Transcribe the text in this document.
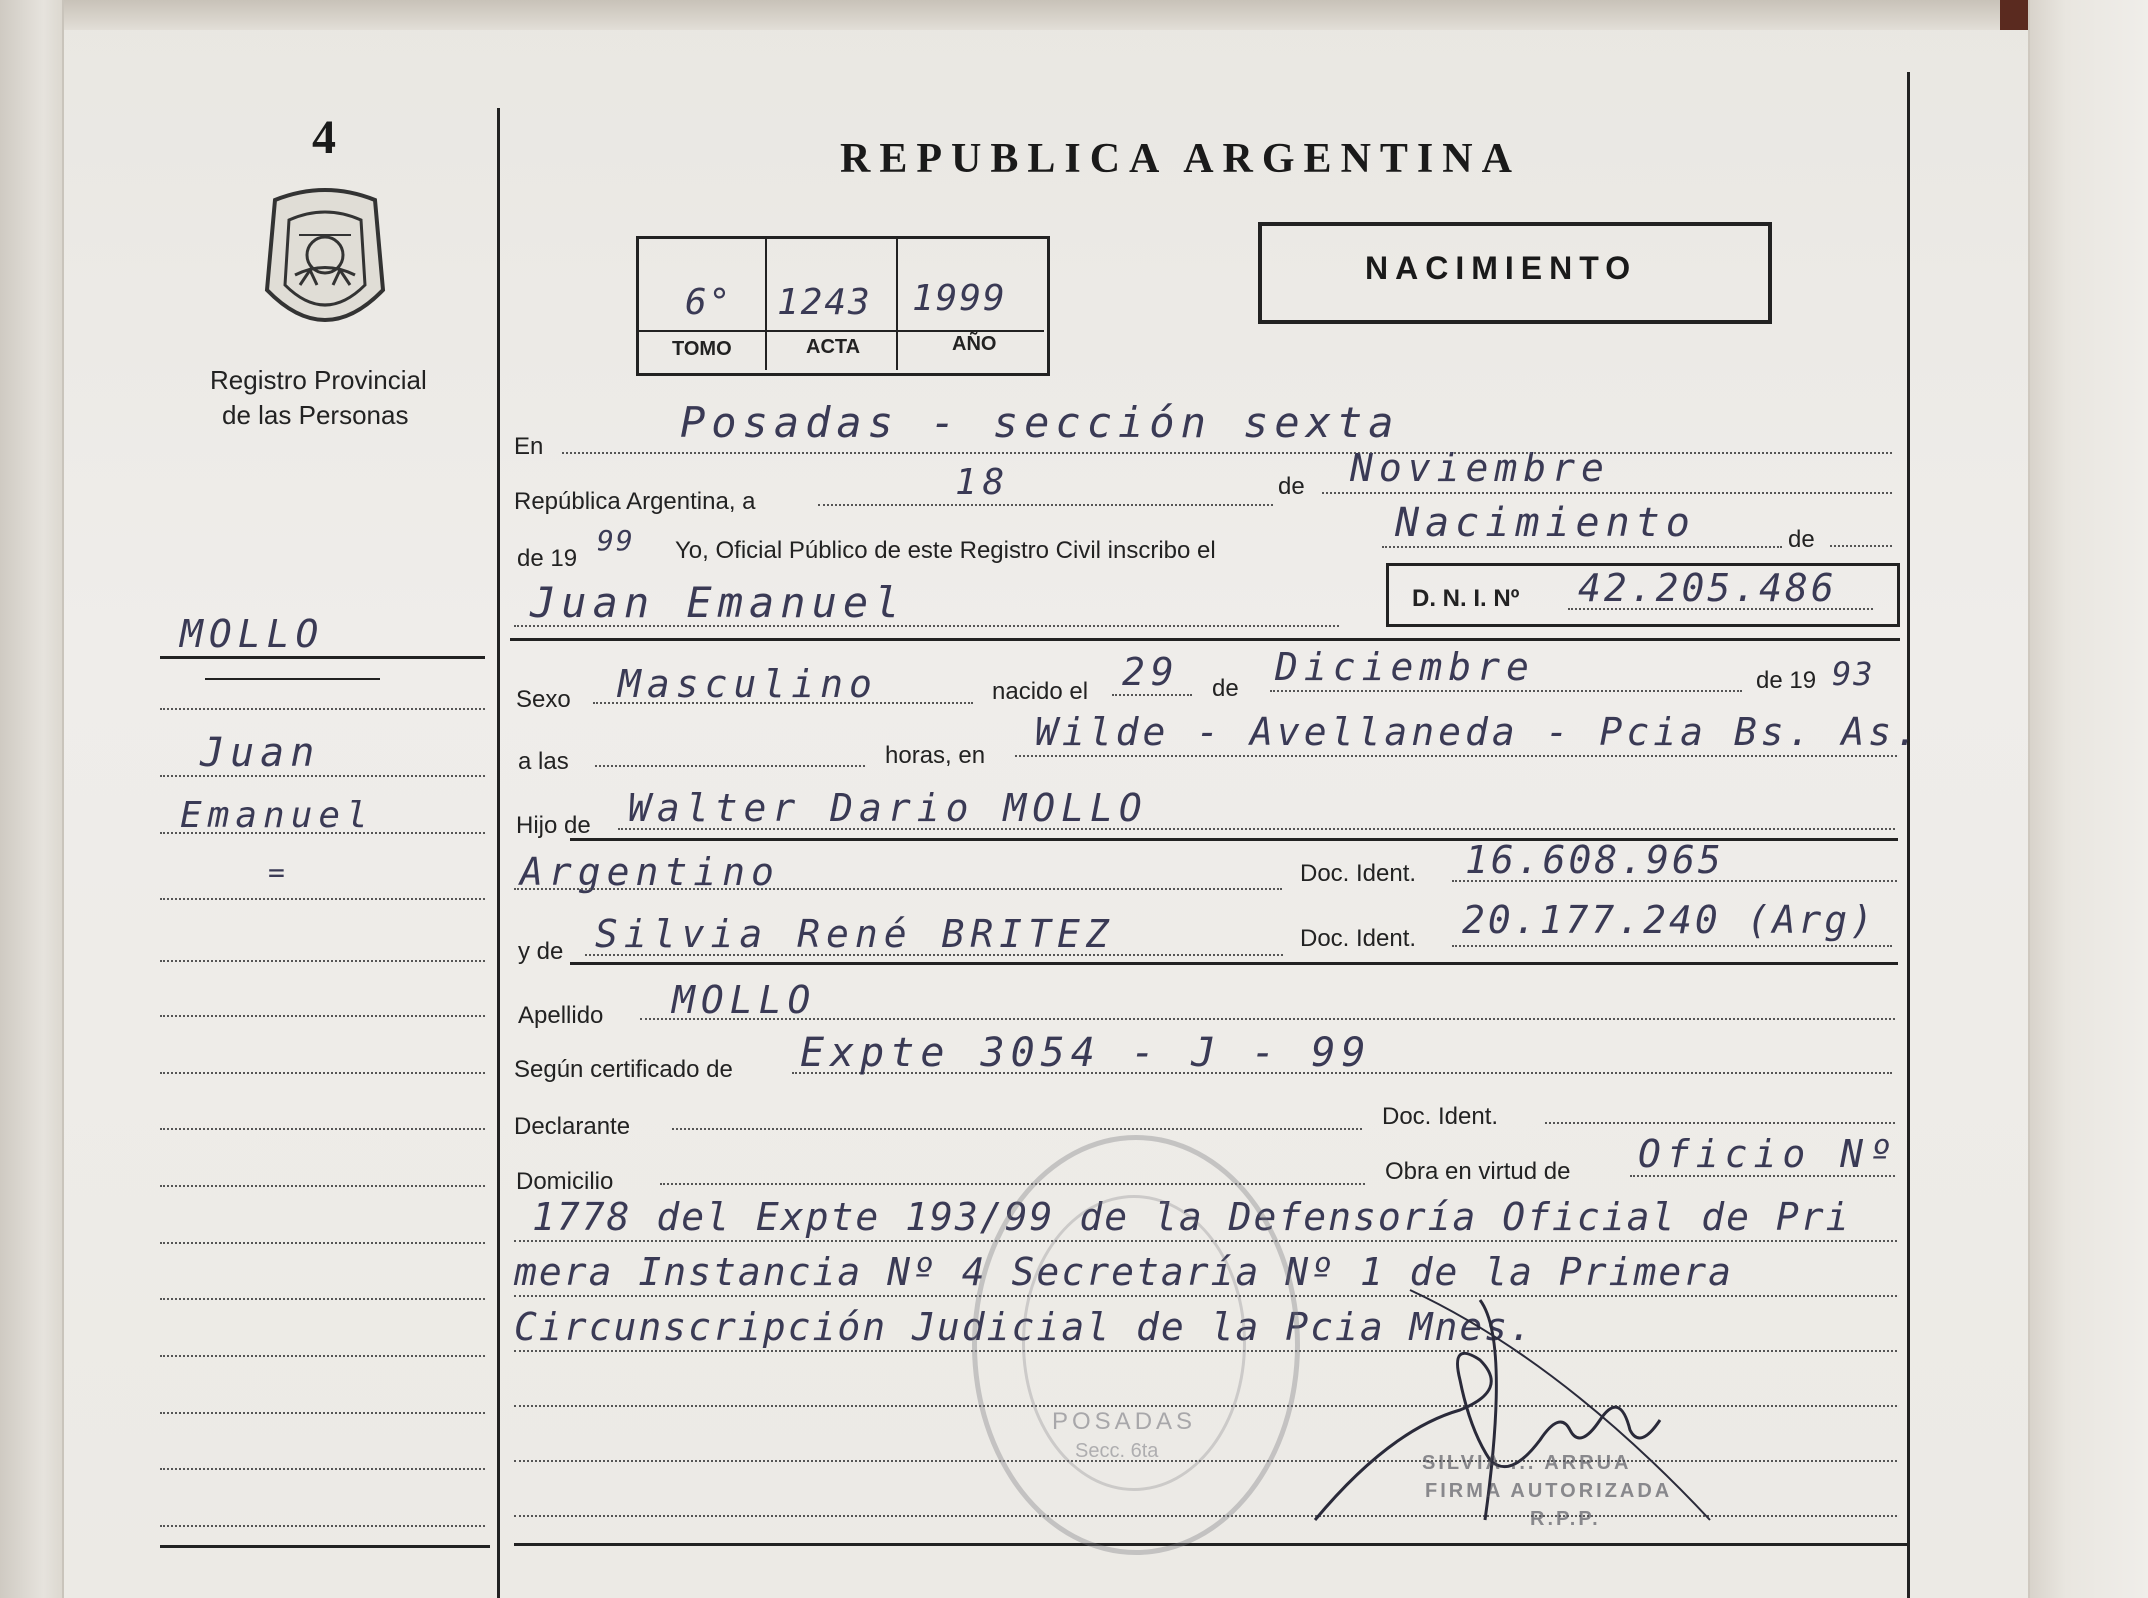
4
Registro Provincial
de las Personas
MOLLO
Juan
Emanuel
=
REPUBLICA ARGENTINA
6° 1243 1999
TOMO	ACTA	AÑO
NACIMIENTO
En	Posadas - sección sexta
República Argentina, a	18	de Noviembre
de 19
99 Yo, Oficial Público de este Registro Civil inscribo el
Nacimiento	de
Juan Emanuel	D. N. I. Nº 42.205.486
Sexo Masculino	nacido el 29 de Diciembre	de 19 93
a las	horas, en
Wilde - Avellaneda - Pcia Bs. As.
Hijo de Walter Dario MOLLO
Argentino	Doc. Ident. 16.608.965
y de Silvia René BRITEZ	Doc. Ident. 20.177.240 (Arg)
Apellido MOLLO
Según certificado de Expte 3054 - J - 99
Declarante	Doc. Ident.
Domicilio	Obra en virtud de Oficio Nº
1778 del Expte 193/99 de la Defensoría Oficial de Pri
mera Instancia Nº 4 Secretaría Nº 1 de la Primera
Circunscripción Judicial de la Pcia Mnes.
POSADAS
Secc. 6ta
SILVIA ... ARRUA
FIRMA AUTORIZADA
R.P.P.
